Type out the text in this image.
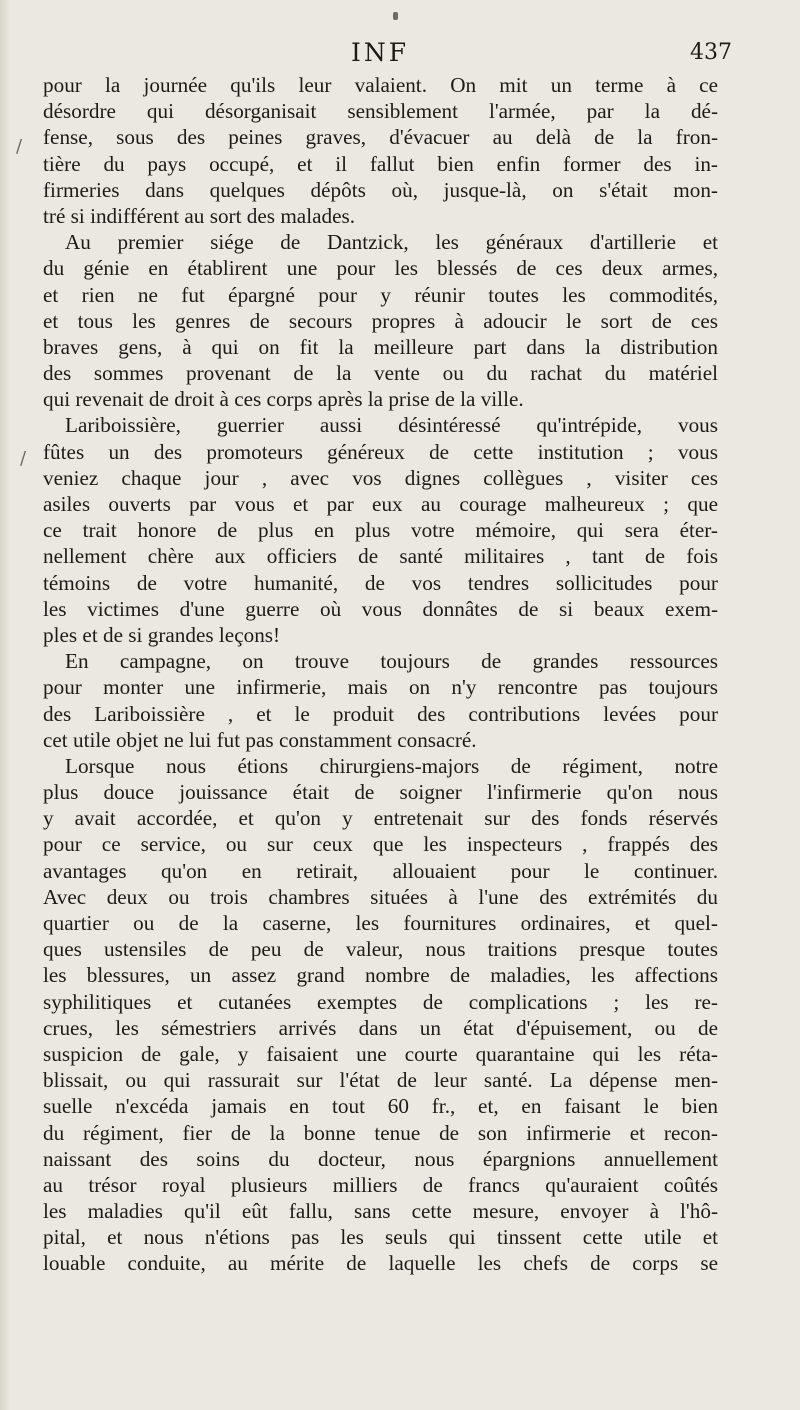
INF	437
/
/
pour la journée qu'ils leur valaient. On mit un terme à ce
désordre qui désorganisait sensiblement l'armée, par la dé-
fense, sous des peines graves, d'évacuer au delà de la fron-
tière du pays occupé, et il fallut bien enfin former des in-
firmeries dans quelques dépôts où, jusque-là, on s'était mon-
tré si indifférent au sort des malades.
Au premier siége de Dantzick, les généraux d'artillerie et
du génie en établirent une pour les blessés de ces deux armes,
et rien ne fut épargné pour y réunir toutes les commodités,
et tous les genres de secours propres à adoucir le sort de ces
braves gens, à qui on fit la meilleure part dans la distribution
des sommes provenant de la vente ou du rachat du matériel
qui revenait de droit à ces corps après la prise de la ville.
Lariboissière, guerrier aussi désintéressé qu'intrépide, vous
fûtes un des promoteurs généreux de cette institution ; vous
veniez chaque jour , avec vos dignes collègues , visiter ces
asiles ouverts par vous et par eux au courage malheureux ; que
ce trait honore de plus en plus votre mémoire, qui sera éter-
nellement chère aux officiers de santé militaires , tant de fois
témoins de votre humanité, de vos tendres sollicitudes pour
les victimes d'une guerre où vous donnâtes de si beaux exem-
ples et de si grandes leçons!
En campagne, on trouve toujours de grandes ressources
pour monter une infirmerie, mais on n'y rencontre pas toujours
des Lariboissière , et le produit des contributions levées pour
cet utile objet ne lui fut pas constamment consacré.
Lorsque nous étions chirurgiens-majors de régiment, notre
plus douce jouissance était de soigner l'infirmerie qu'on nous
y avait accordée, et qu'on y entretenait sur des fonds réservés
pour ce service, ou sur ceux que les inspecteurs , frappés des
avantages qu'on en retirait, allouaient pour le continuer.
Avec deux ou trois chambres situées à l'une des extrémités du
quartier ou de la caserne, les fournitures ordinaires, et quel-
ques ustensiles de peu de valeur, nous traitions presque toutes
les blessures, un assez grand nombre de maladies, les affections
syphilitiques et cutanées exemptes de complications ; les re-
crues, les sémestriers arrivés dans un état d'épuisement, ou de
suspicion de gale, y faisaient une courte quarantaine qui les réta-
blissait, ou qui rassurait sur l'état de leur santé. La dépense men-
suelle n'excéda jamais en tout 60 fr., et, en faisant le bien
du régiment, fier de la bonne tenue de son infirmerie et recon-
naissant des soins du docteur, nous épargnions annuellement
au trésor royal plusieurs milliers de francs qu'auraient coûtés
les maladies qu'il eût fallu, sans cette mesure, envoyer à l'hô-
pital, et nous n'étions pas les seuls qui tinssent cette utile et
louable conduite, au mérite de laquelle les chefs de corps se
